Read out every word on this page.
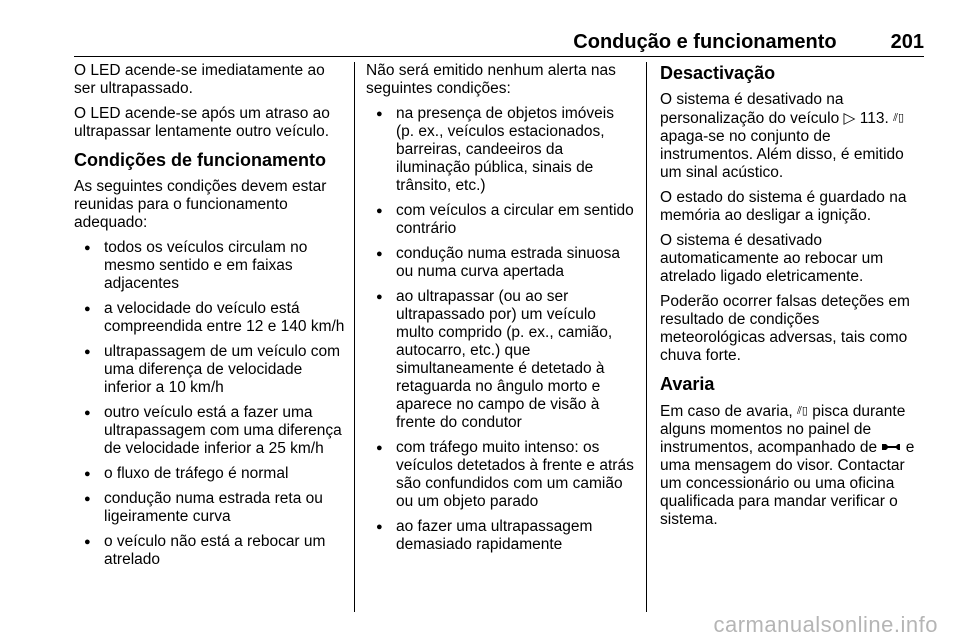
Condução e funcionamento	201

O LED acende-se imediatamente ao ser ultrapassado.

O LED acende-se após um atraso ao ultrapassar lentamente outro veículo.

Condições de funcionamento

As seguintes condições devem estar reunidas para o funcionamento adequado:

● todos os veículos circulam no mesmo sentido e em faixas adjacentes
● a velocidade do veículo está compreendida entre 12 e 140 km/h
● ultrapassagem de um veículo com uma diferença de velocidade inferior a 10 km/h
● outro veículo está a fazer uma ultrapassagem com uma diferença de velocidade inferior a 25 km/h
● o fluxo de tráfego é normal
● condução numa estrada reta ou ligeiramente curva
● o veículo não está a rebocar um atrelado

Não será emitido nenhum alerta nas seguintes condições:

● na presença de objetos imóveis (p. ex., veículos estacionados, barreiras, candeeiros da iluminação pública, sinais de trânsito, etc.)
● com veículos a circular em sentido contrário
● condução numa estrada sinuosa ou numa curva apertada
● ao ultrapassar (ou ao ser ultrapassado por) um veículo multo comprido (p. ex., camião, autocarro, etc.) que simultaneamente é detetado à retaguarda no ângulo morto e aparece no campo de visão à frente do condutor
● com tráfego muito intenso: os veículos detetados à frente e atrás são confundidos com um camião ou um objeto parado
● ao fazer uma ultrapassagem demasiado rapidamente
Desactivação

O sistema é desativado na personalização do veículo ▷ 113. ⫽▯ apaga-se no conjunto de instrumentos. Além disso, é emitido um sinal acústico.

O estado do sistema é guardado na memória ao desligar a ignição.

O sistema é desativado automaticamente ao rebocar um atrelado ligado eletricamente.

Poderão ocorrer falsas deteções em resultado de condições meteorológicas adversas, tais como chuva forte.

Avaria

Em caso de avaria, ⫽▯ pisca durante alguns momentos no painel de instrumentos, acompanhado de e uma mensagem do visor. Contactar um concessionário ou uma oficina qualificada para mandar verificar o sistema.

carmanualsonline.info
